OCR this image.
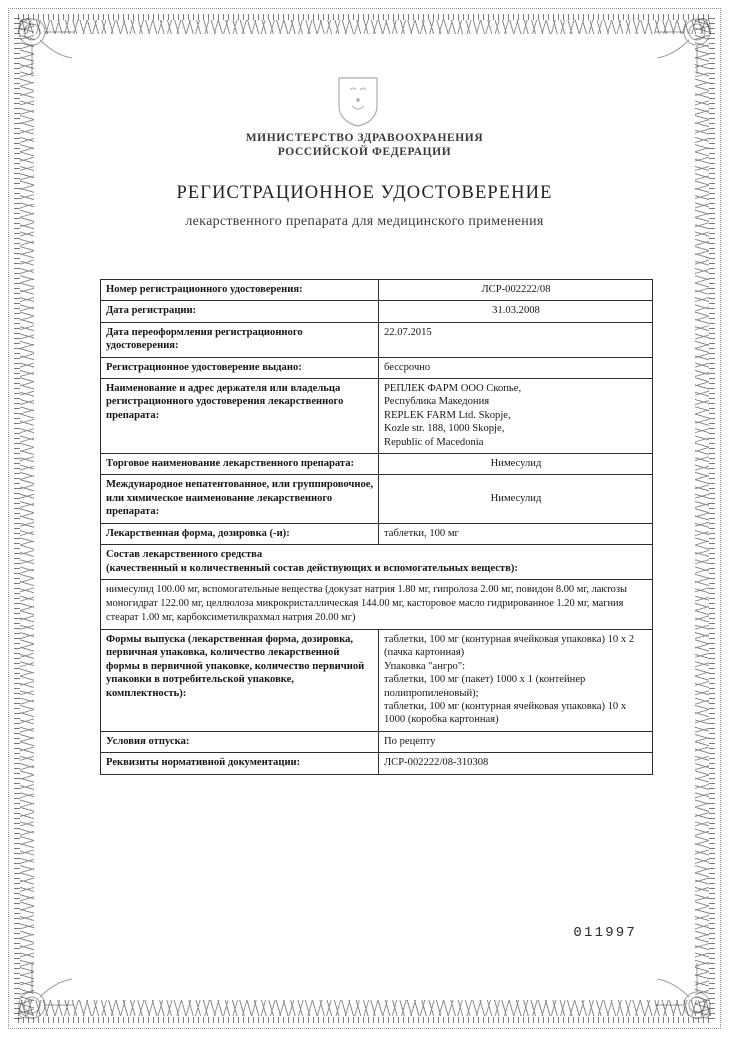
МИНИСТЕРСТВО ЗДРАВООХРАНЕНИЯ
РОССИЙСКОЙ ФЕДЕРАЦИИ
РЕГИСТРАЦИОННОЕ УДОСТОВЕРЕНИЕ
лекарственного препарата для медицинского применения
Номер регистрационного удостоверения:	ЛСР-002222/08

Дата регистрации:	31.03.2008

Дата переоформления регистрационного удостоверения:	22.07.2015

Регистрационное удостоверение выдано:	бессрочно

Наименование и адрес держателя или владельца регистрационного удостоверения лекарственного препарата:	РЕПЛЕК ФАРМ ООО Скопье,
Республика Македония
REPLEK FARM Ltd. Skopje,
Kozle str. 188, 1000 Skopje,
Republic of Macedonia

Торговое наименование лекарственного препарата:	Нимесулид

Международное непатентованное, или группировочное, или химическое наименование лекарственного препарата:	Нимесулид

Лекарственная форма, дозировка (-и):	таблетки, 100 мг

Состав лекарственного средства
(качественный и количественный состав действующих и вспомогательных веществ):	

нимесулид 100.00 мг, вспомогательные вещества (докузат натрия 1.80 мг, гипролоза 2.00 мг, повидон 8.00 мг, лактозы моногидрат 122.00 мг, целлюлоза микрокристаллическая 144.00 мг, касторовое масло гидрированное 1.20 мг, магния стеарат 1.00 мг, карбоксиметилкрахмал натрия 20.00 мг)	
Формы выпуска (лекарственная форма, дозировка, первичная упаковка, количество лекарственной формы в первичной упаковке, количество первичной упаковки в потребительской упаковке, комплектность):	таблетки, 100 мг (контурная ячейковая упаковка) 10 х 2 (пачка картонная)
Упаковка "ангро":
таблетки, 100 мг (пакет) 1000 х 1 (контейнер полипропиленовый);
таблетки, 100 мг (контурная ячейковая упаковка) 10 х 1000 (коробка картонная)

Условия отпуска:	По рецепту

Реквизиты нормативной документации:	ЛСР-002222/08-310308
011997
